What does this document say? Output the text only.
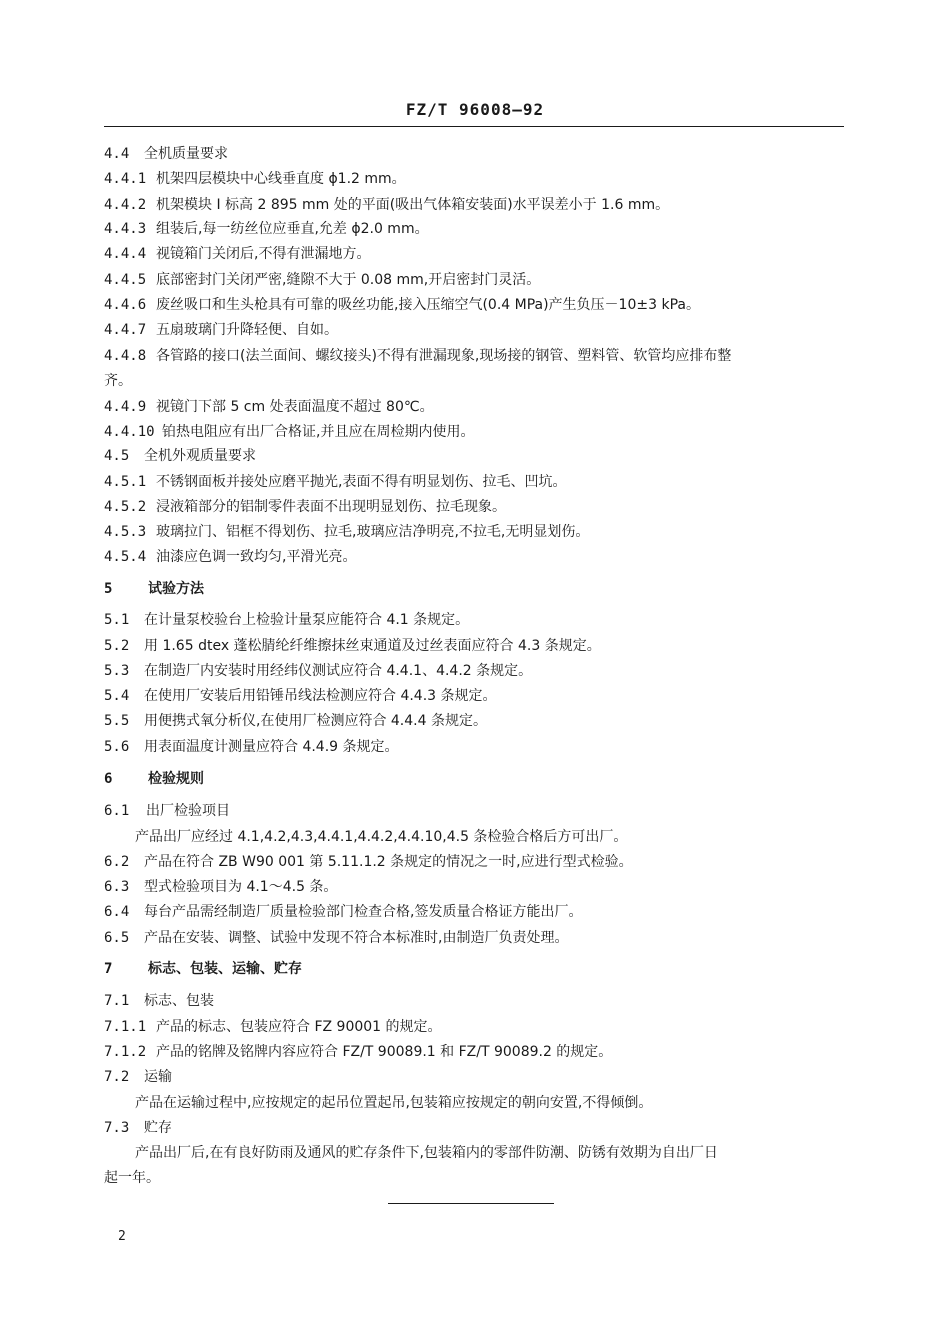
FZ/T 96008—92
4.4 全机质量要求
4.4.1 机架四层模块中心线垂直度 ϕ1.2 mm。
4.4.2 机架模块 I 标高 2 895 mm 处的平面(吸出气体箱安装面)水平误差小于 1.6 mm。
4.4.3 组装后,每一纺丝位应垂直,允差 ϕ2.0 mm。
4.4.4 视镜箱门关闭后,不得有泄漏地方。
4.4.5 底部密封门关闭严密,缝隙不大于 0.08 mm,开启密封门灵活。
4.4.6 废丝吸口和生头枪具有可靠的吸丝功能,接入压缩空气(0.4 MPa)产生负压－10±3 kPa。
4.4.7 五扇玻璃门升降轻便、自如。
4.4.8 各管路的接口(法兰面间、螺纹接头)不得有泄漏现象,现场接的钢管、塑料管、软管均应排布整
齐。
4.4.9 视镜门下部 5 cm 处表面温度不超过 80℃。
4.4.10 铂热电阻应有出厂合格证,并且应在周检期内使用。
4.5 全机外观质量要求
4.5.1 不锈钢面板并接处应磨平抛光,表面不得有明显划伤、拉毛、凹坑。
4.5.2 浸液箱部分的铝制零件表面不出现明显划伤、拉毛现象。
4.5.3 玻璃拉门、铝框不得划伤、拉毛,玻璃应洁净明亮,不拉毛,无明显划伤。
4.5.4 油漆应色调一致均匀,平滑光亮。
5	试验方法
5.1 在计量泵校验台上检验计量泵应能符合 4.1 条规定。
5.2 用 1.65 dtex 蓬松腈纶纤维擦抹丝束通道及过丝表面应符合 4.3 条规定。
5.3 在制造厂内安装时用经纬仪测试应符合 4.4.1、4.4.2 条规定。
5.4 在使用厂安装后用铅锤吊线法检测应符合 4.4.3 条规定。
5.5 用便携式氧分析仪,在使用厂检测应符合 4.4.4 条规定。
5.6 用表面温度计测量应符合 4.4.9 条规定。
6	检验规则
6.1 出厂检验项目
产品出厂应经过 4.1,4.2,4.3,4.4.1,4.4.2,4.4.10,4.5 条检验合格后方可出厂。
6.2 产品在符合 ZB W90 001 第 5.11.1.2 条规定的情况之一时,应进行型式检验。
6.3 型式检验项目为 4.1～4.5 条。
6.4 每台产品需经制造厂质量检验部门检查合格,签发质量合格证方能出厂。
6.5 产品在安装、调整、试验中发现不符合本标准时,由制造厂负责处理。
7	标志、包装、运输、贮存
7.1 标志、包装
7.1.1 产品的标志、包装应符合 FZ 90001 的规定。
7.1.2 产品的铭牌及铭牌内容应符合 FZ/T 90089.1 和 FZ/T 90089.2 的规定。
7.2 运输
产品在运输过程中,应按规定的起吊位置起吊,包装箱应按规定的朝向安置,不得倾倒。
7.3 贮存
产品出厂后,在有良好防雨及通风的贮存条件下,包装箱内的零部件防潮、防锈有效期为自出厂日
起一年。
2
